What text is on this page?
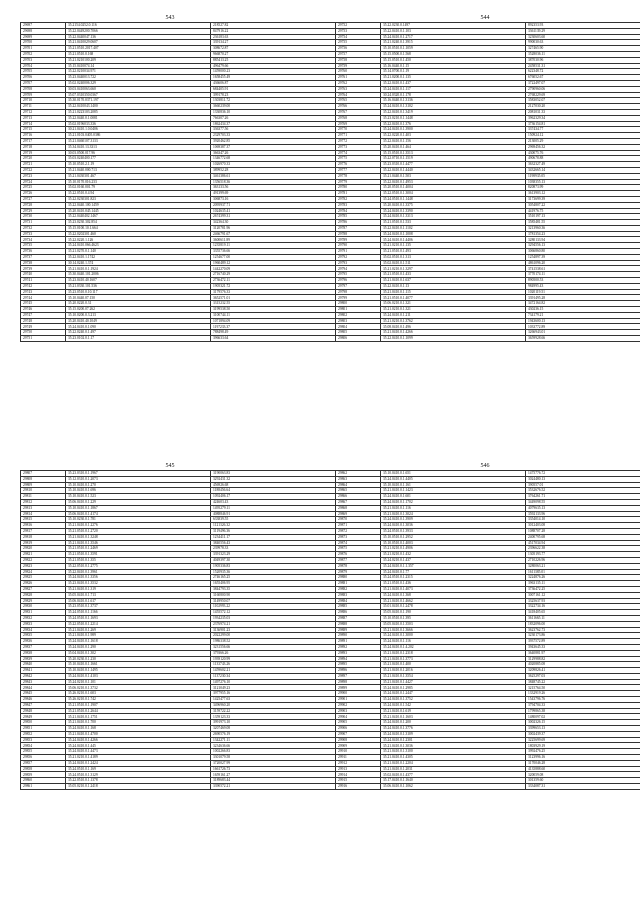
543
29697	35.2154.0252.0.116	218527.82
29698	35.22.0449200.7066	847916.22
29699	35.22.0440047.136	236183.63
29700	35.21.0410029.0607	339134.27
29701	35.21.0510.2017.407	308672.87
29702	35.21.0510.0.168	966870.27
29703	35.21.0210100.209	885413.25
29704	35.15.0410074.14	496479.66
29705	35.22.0210034.971	1459000.23
29706	35.23.0440013.722	1658455.49
29707	35.02.0240006.329	436606.87
29708	30.03.0410063.660	684405.91
29709	35.07.0310350.0367	399178.23
29710	35.30.0170.0371.197	1303811.72
29711	35.22.0410043.1400	3660239.00
29712	35.21.0223103.2085	1330836.10
29713	35.22.0440.0.1.0081	766307.26
29714	35.02.0196033.336	1862434.37
29715	30.21.0410.1.0.0406	336377.56
29716	35.21.0103.0405.0386	2329703.33
29717	35.21.0460107.3133	3920462.85
29718	35.34.0410.13.3313	1069387.37
29719	30.03.0500.017.96	366347.26
29720	35.03.0240400.177	1346772.68
29721	35.10.0510.2.1.19	1026970.33
29722	35.21.0440.000.713	389952.28
29723	35.21.0430301.467	3461386.61
29724	35.10.0170.016.233	1356518.36
29725	35.02.0160.001.79	363133.56
29726	35.22.0510.0.4.94	491399.69
29727	35.22.0230301.823	306873.16
29728	35.22.0440.100.1459	2095937.71
29729	35.20.0410.045.1445	1024635.41
29730	35.22.0440402.1467	2674399.31
29731	35.23.0230.302.854	342364.30
29732	35.15.0100.10.1.664	3120781.96
29733	35.22.0202301.460	2466791.67
29734	35.22.0220.1.126	3600611.89
29735	35.24.0410.066.4623	1235819.11
29736	35.21.0270.0.1.140	3355736.66
29737	35.22.0410.1.1742	1254677.00
29738	30.14.0240.1.374	1960489.12
29739	35.21.0410.0.1.1924	1442270.09
29740	35.30.0440.101.2006	2716740.29
29741	35.23.0410.40.1607	2736472.11
29742	35.21.0330.101.536	1905321.72
29743	35.23.0510.0.10.117	3179576.33
29744	35.10.0440.07.150	3652571.01
29745	35.20.0220.0.31	3315232.55
29746	35.15.0200.07.262	3199538.50
29747	35.10.0200.0.3.213	3100744.11
29748	35.20.0410.40.1049	1071894.09
29749	35.24.0410.0.1.090	1197233.37
29750	35.22.0240.0.1.497	788498.49
29751	35.23.0102.0.1.17	396633.64
544
29752	35.22.0230.0.1497	892353.93
29753	35.22.0410.0.1.103	3361139.29
29754	35.24.0410.0.1.2717	3230603.60
29755	35.21.0240.0.1.3915	990030.63
29756	35.10.0510.0.1.1059	327465.90
29757	35.15.0500.0.1.568	3528036.11
29758	35.15.0510.0.1.450	387030.96
29759	35.16.0440.0.1.15	2458531.31
29760	35.14.0700.0.1.19	622348.72
29761	35.21.0200.0.1.135	676052.67
29762	35.22.0410.0.1.437	3722497.07
29763	35.24.0410.0.1.117	2790960.06
29764	30.24.0320.0.1.178	2768229.69
29765	35.16.0440.0.1.3136	3583052.07
29766	35.24.0410.0.1.3102	2127030.20
29767	35.22.0410.0.1.3419	2081031.33
29768	35.23.0210.0.1.1448	3962329.34
29769	35.22.0410.0.1.376	3736154.81
29770	35.24.0410.0.1.3900	337434.77
29771	35.22.0220.0.1.403	150924.12
29772	35.22.0410.0.1.156	213005.29
29773	35.20.0410.0.1.464	2969456.32
29774	35.15.0510.0.1.3513	430075.76
29775	35.22.0710.0.1.1519	490678.88
29776	35.23.0310.0.1.4477	3632327.49
29777	35.22.0410.0.1.4440	3432665.14
29778	35.21.0440.0.1.503	1198935.05
29779	35.22.0410.0.1.4953	1038355.13
29780	35.20.0510.0.1.4004	820873.99
29781	35.22.0510.0.1.3004	3613903.12
29782	35.24.0510.0.1.1448	3173699.39
29783	35.20.0410.0.1.3375	3054807.22
29784	35.24.0410.0.1.3390	441976.75
29785	35.24.0410.0.1.3313	3510197.13
29786	35.21.0510.0.1.533	3585481.55
29787	35.22.0410.0.1.1102	3213960.36
29788	35.24.0410.0.1.1008	3781354.23
29789	35.24.0410.0.1.4406	3280133.94
29790	35.21.0210.0.1.135	3294556.13
29791	35.21.0510.0.1.493	3066860.80
29792	35.02.0510.0.1.313	1254897.39
29793	35.02.0410.0.1.511	4861096.20
29794	35.21.0210.0.1.3297	3741538.61
29795	35.21.0510.0.1.433	3770174.11
29796	35.21.0410.0.1.637	890500.53
29797	35.22.0410.0.1.13	984995.43
29798	35.21.0410.0.1.115	1020119.51
29799	35.21.0510.0.1.4077	3391495.28
29800	35.06.0210.0.1.321	3472164.82
29801	35.21.0210.0.1.321	430236.15
29802	35.24.0410.0.1.211	734179.21
29803	35.21.0210.0.1.3762	1943600.13
29804	35.08.0410.0.1.496	1033772.89
29805	35.21.0410.0.1.4266	3266943.01
29806	35.22.0410.0.1.1099	3659928.66
545
29807	35.23.0310.0.1.1967	3190063.83
29808	35.12.0310.0.1.2073	3292431.32
29809	35.10.0410.0.1.270	456926.68
29810	35.10.0410.0.1.696	1188456.64
29811	35.10.0410.0.1.523	1092406.17
29812	35.06.0410.0.1.229	424603.43
29813	35.10.0410.0.1.1867	1495279.11
29814	35.06.0410.0.1.4174	4088846.91
29815	35.10.0230.0.1.781	633839.55
29816	35.21.0410.0.1.2276	1121326.32
29817	35.21.0510.0.1.2720	3119496.36
29818	35.21.0410.0.1.3248	1234411.17
29819	35.21.0410.0.1.3546	3840556.43
29820	35.21.0510.0.1.2469	239978.33
29821	35.21.0510.0.1.3591	3391323.29
29822	35.21.0510.0.1.355	4049397.30
29823	35.22.0510.0.1.2775	1905336.83
29824	35.22.0410.0.1.3961	1520935.36
29825	35.24.0410.0.1.3356	2746165.25
29826	35.23.0410.0.1.3532	1655406.95
29827	35.21.0410.0.1.319	3844793.35
29828	35.05.0410.0.1.713	3160800.90
29829	35.06.0410.0.1.617	3149950.07
29830	35.23.0510.0.1.3737	1102993.22
29831	35.24.0510.0.1.1166	1455572.12
29832	35.24.0510.0.1.1693	1934235.03
29833	35.22.0510.0.1.2214	2376974.21
29834	35.21.0410.0.1.269	3136901.23
29835	35.21.0410.0.1.989	2022299.00
29836	35.24.0410.0.1.1618	1986338.52
29837	35.24.0410.0.1.290	3231556.66
29838	35.04.0410.0.1.302	379366.26
29839	35.20.0230.0.1.230	1939120.99
29840	35.10.0410.0.1.1661	1133743.26
29841	35.10.0410.0.1.1495	1459602.21
29842	35.24.0410.0.1.4103	1137230.34
29843	35.24.0210.0.1.101	1497276.10
29844	35.06.0210.0.1.3732	3121049.23
29845	35.26.0210.0.1.603	3977955.16
29846	35.26.0210.0.1.742	1425477.63
29847	35.21.0510.0.1.1907	3496960.20
29848	35.21.0510.0.1.2644	3159722.22
29849	35.21.0410.0.1.1751	1359123.33
29850	35.21.0410.0.1.700	3991973.10
29851	35.24.0410.0.1.168	3207469.08
29852	35.21.0410.0.1.4700	2690576.19
29853	35.24.0410.0.1.4266	1342271.11
29854	35.24.0410.0.1.445	3234636.66
29855	35.24.0410.0.1.4473	1002266.83
29856	35.21.0210.0.1.4189	3301079.58
29857	35.24.0410.0.1.2424	3720027.99
29858	35.24.0510.0.1.169	1661726.73
29859	35.24.0510.0.1.3129	1659161.27
29860	35.22.0510.0.1.1378	3189683.44
29861	35.05.0210.0.1.2418	3390572.21
546
29862	35.10.0410.0.1.651	1475776.72
29863	35.24.0410.0.1.4405	3024480.13
29864	35.10.0410.0.1.161	390557.01
29865	35.21.0410.0.1.1423	3532676.52
29866	35.24.0410.0.1.601	3764261.71
29867	35.24.0410.0.1.1702	3449098.55
29868	35.21.0410.0.1.116	4079635.13
29869	35.21.0410.0.1.3024	3592133.96
29870	35.24.0410.0.1.3909	3354014.10
29871	35.24.0410.0.1.3036	3012403.08
29872	35.24.0510.0.1.3933	1088707.28
29873	35.10.0510.0.1.2952	2400795.68
29874	35.10.0510.0.1.4003	4517034.94
29875	35.21.0210.0.1.4906	2396622.38
29876	35.21.0210.0.1.432	1305193.77
29877	35.24.0210.0.1.437	2710226.96
29878	35.24.0410.0.1.1.357	3280063.21
29879	35.24.0410.0.1.77	1611385.01
29880	35.24.0510.0.1.2315	3224876.26
29881	35.21.0510.0.1.436	3963135.11
29882	35.21.0410.0.1.4073	3736472.25
29883	35.24.0410.0.1.368	3007161.12
29884	35.21.0410.0.1.4662	3325637.93
29885	35.01.0410.0.1.2478	3322734.16
29886	35.05.0410.0.1.190	3418405.65
29887	35.10.0510.0.1.395	3611665.11
29888	35.05.0410.0.1.3503	1832096.00
29889	35.21.0410.0.1.3666	3623762.73
29890	35.24.0410.0.1.3000	3230173.86
29891	35.24.0410.0.1.116	3937572.89
29892	35.24.0410.0.1.4.202	3943645.33
29893	35.21.0410.0.1.2318	3640881.97
29894	35.21.0410.0.1.3773	3129988.82
29895	35.21.0410.0.1.400	4020885.08
29896	35.21.0410.0.1.2016	3209826.41
29897	35.21.0410.0.1.3554	3625297.03
29898	35.21.0410.0.1.4427	3848745.22
29899	35.24.0410.0.1.2985	3215764.50
29900	35.24.0410.0.1.2447	1332919.26
29901	35.24.0410.0.1.3752	1543796.76
29902	35.24.0410.0.1.542	3794704.33
29903	35.21.0410.0.1.619	1799865.38
29904	35.21.0410.0.1.1603	1480097.02
29905	35.24.0410.0.1.200	3002326.15
29906	35.24.0410.0.1.3776	3399653.13
29907	35.24.0410.0.1.3109	3002439.37
29908	35.24.0410.0.1.2301	3225699.69
29909	35.21.0410.0.1.3036	1803929.19
29910	35.21.0410.0.1.3100	3992476.25
29911	35.21.0410.0.1.4305	3123996.16
29912	35.21.0410.0.1.2204	3170046.28
29913	35.21.0410.0.1.2031	4135888.60
29914	35.02.0410.0.1.4377	320059.08
29915	35.17.0410.0.1.1640	301359.60
29916	35.06.0410.0.1.1062	3334087.31
